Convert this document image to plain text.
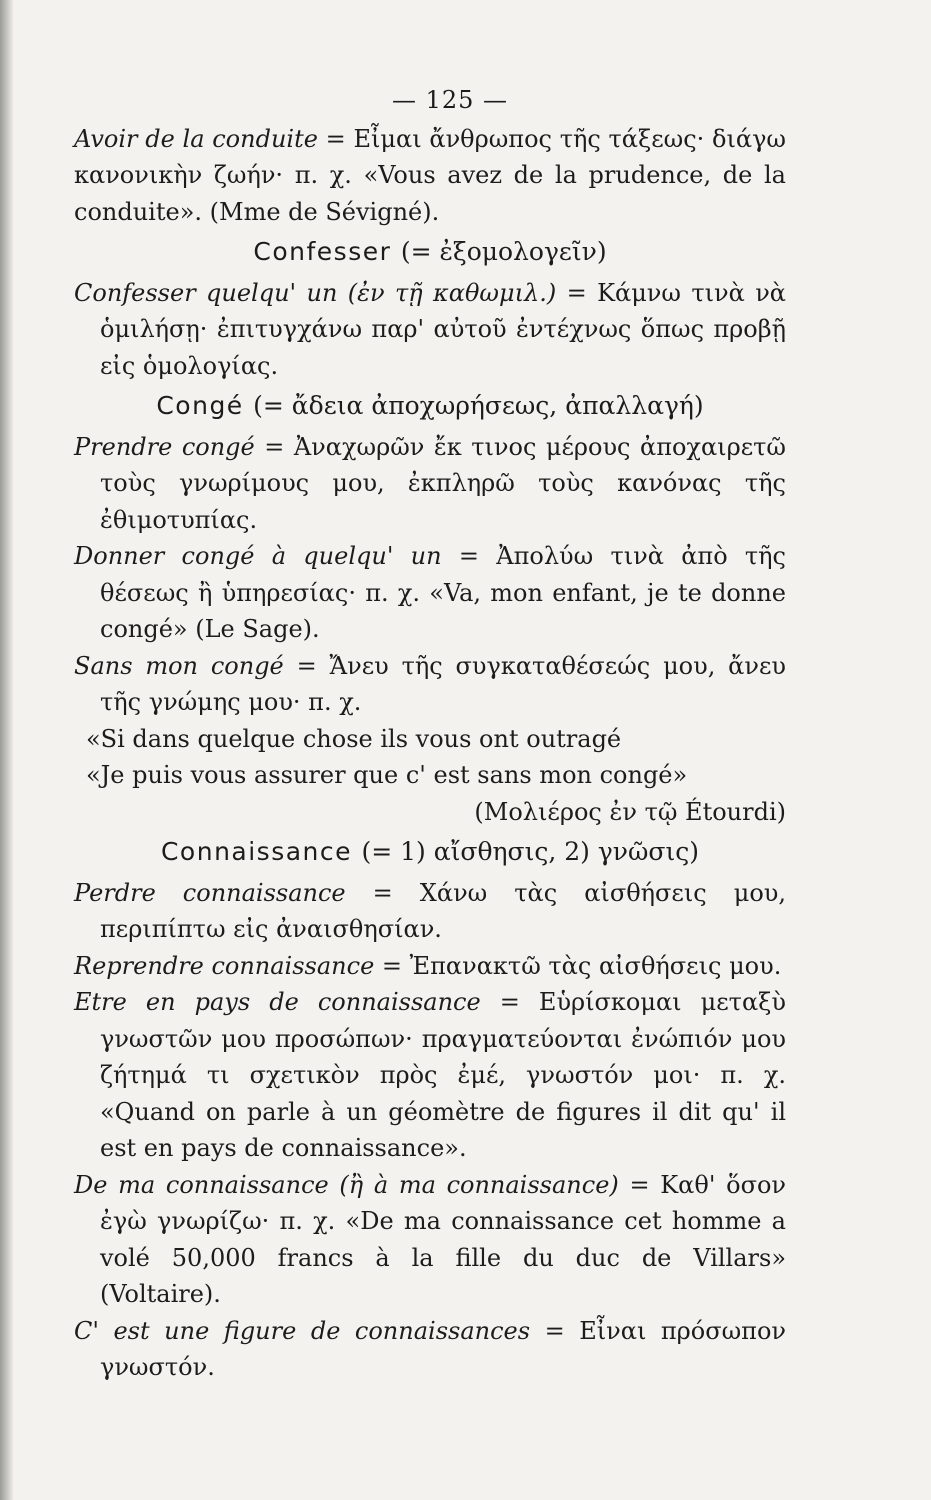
— 125 —

Avoir de la conduite = Εἶμαι ἄνθρωπος τῆς τάξεως· διάγω κανονικὴν ζωήν· π. χ. «Vous avez de la prudence, de la conduite». (Mme de Sévigné).

Confesser (= ἐξομολογεῖν)

Confesser quelqu' un (ἐν τῇ καθωμιλ.) = Κάμνω τινὰ νὰ ὁμιλήσῃ· ἐπιτυγχάνω παρ' αὐτοῦ ἐντέχνως ὅπως προβῇ εἰς ὁμολογίας.

Congé (= ἄδεια ἀποχωρήσεως, ἀπαλλαγή)

Prendre congé = Ἀναχωρῶν ἔκ τινος μέρους ἀποχαιρετῶ τοὺς γνωρίμους μου, ἐκπληρῶ τοὺς κανόνας τῆς ἐθιμοτυπίας.

Donner congé à quelqu' un = Ἀπολύω τινὰ ἀπὸ τῆς θέσεως ἢ ὑπηρεσίας· π. χ. «Va, mon enfant, je te donne congé» (Le Sage).

Sans mon congé = Ἄνευ τῆς συγκαταθέσεώς μου, ἄνευ τῆς γνώμης μου· π. χ.

«Si dans quelque chose ils vous ont outragé

«Je puis vous assurer que c' est sans mon congé»

(Μολιέρος ἐν τῷ Étourdi)

Connaissance (= 1) αἴσθησις, 2) γνῶσις)

Perdre connaissance = Χάνω τὰς αἰσθήσεις μου, περιπίπτω εἰς ἀναισθησίαν.

Reprendre connaissance = Ἐπανακτῶ τὰς αἰσθήσεις μου.

Etre en pays de connaissance = Εὑρίσκομαι μεταξὺ γνωστῶν μου προσώπων· πραγματεύονται ἐνώπιόν μου ζήτημά τι σχετικὸν πρὸς ἐμέ, γνωστόν μοι· π. χ. «Quand on parle à un géomètre de figures il dit qu' il est en pays de connaissance».

De ma connaissance (ἢ à ma connaissance) = Καθ' ὅσον ἐγὼ γνωρίζω· π. χ. «De ma connaissance cet homme a volé 50,000 francs à la fille du duc de Villars» (Voltaire).

C' est une figure de connaissances = Εἶναι πρόσωπον γνωστόν.
